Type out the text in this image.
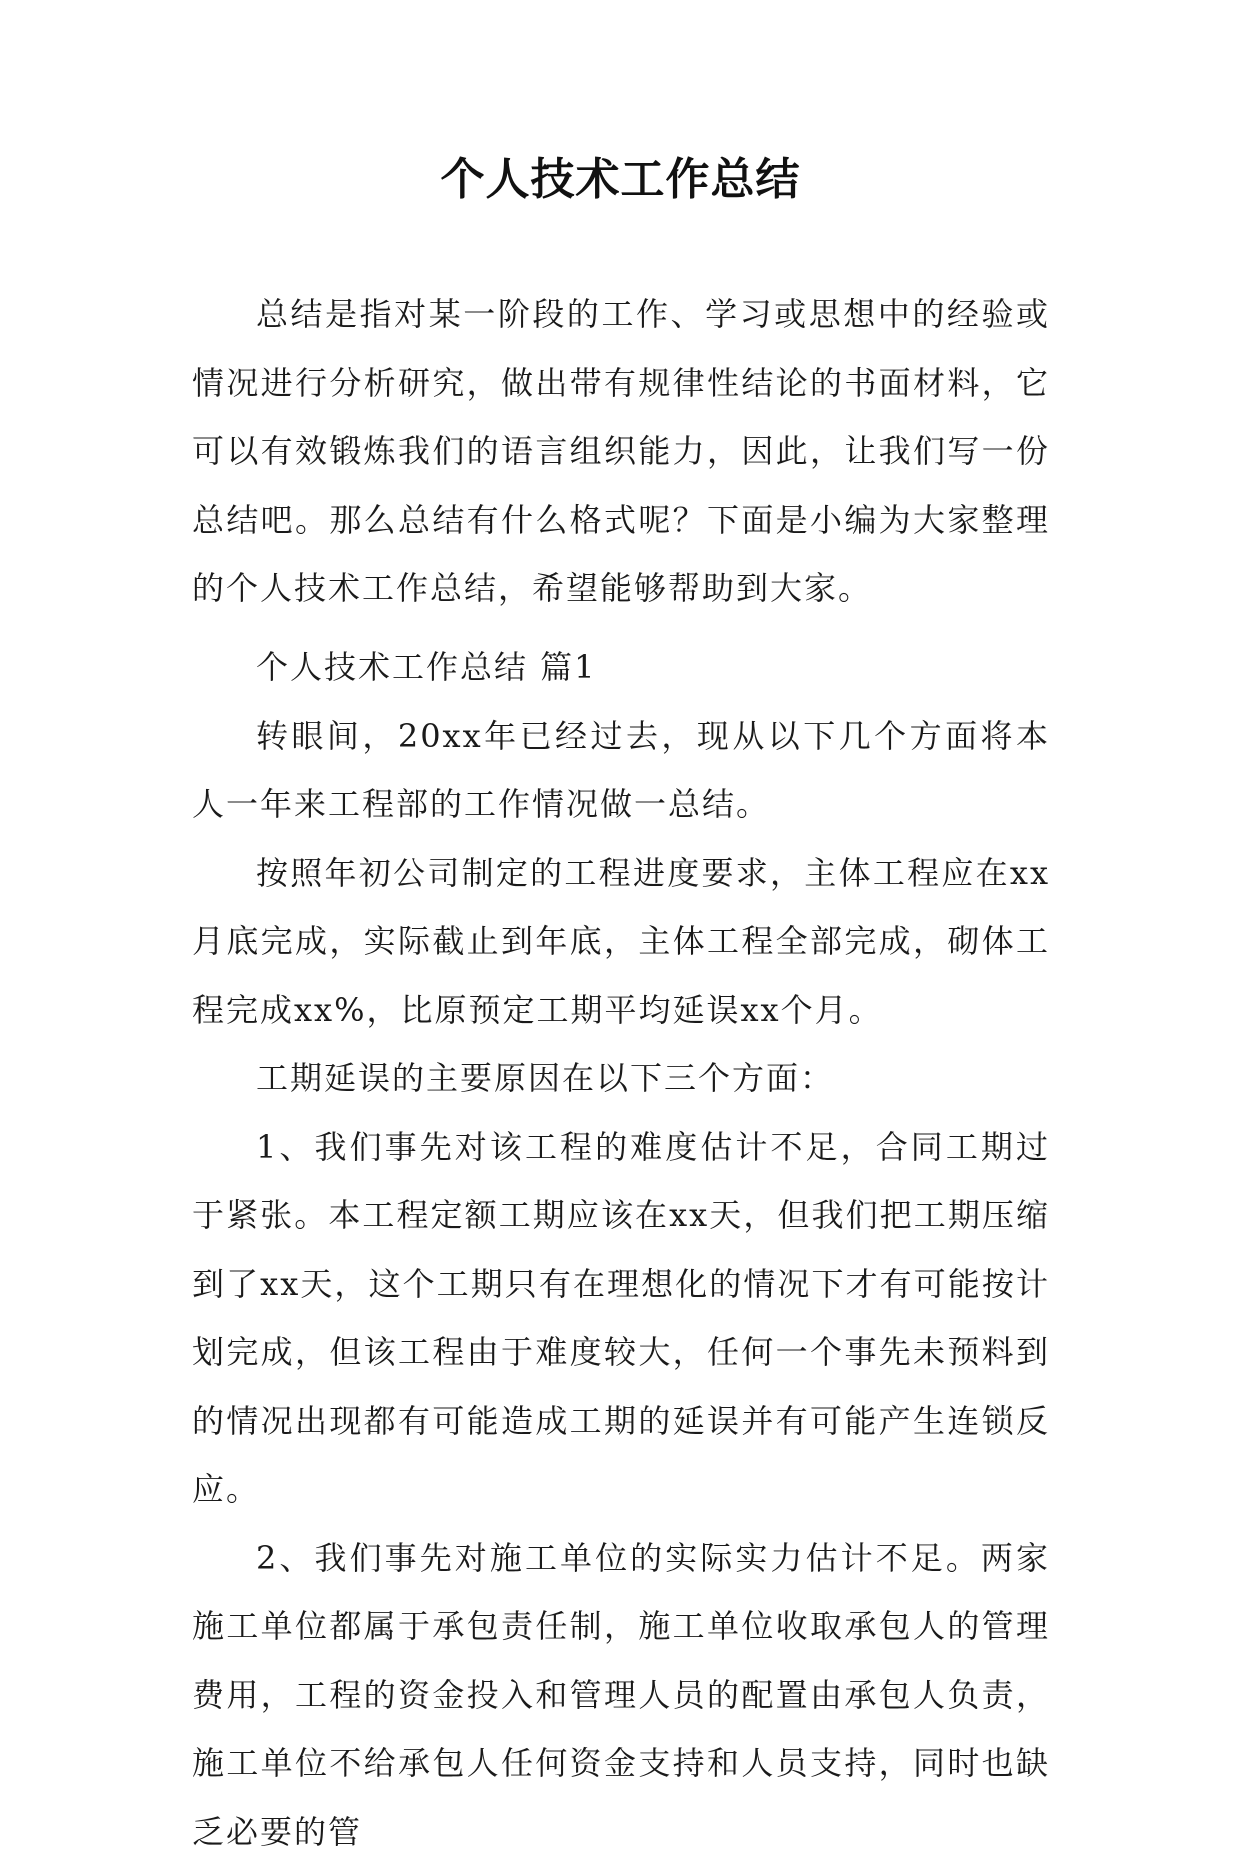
个人技术工作总结

总结是指对某一阶段的工作、学习或思想中的经验或情况进行分析研究，做出带有规律性结论的书面材料，它可以有效锻炼我们的语言组织能力，因此，让我们写一份总结吧。那么总结有什么格式呢？下面是小编为大家整理的个人技术工作总结，希望能够帮助到大家。

个人技术工作总结 篇1

转眼间，20xx年已经过去，现从以下几个方面将本人一年来工程部的工作情况做一总结。

按照年初公司制定的工程进度要求，主体工程应在xx月底完成，实际截止到年底，主体工程全部完成，砌体工程完成xx%，比原预定工期平均延误xx个月。

工期延误的主要原因在以下三个方面：

1、我们事先对该工程的难度估计不足，合同工期过于紧张。本工程定额工期应该在xx天，但我们把工期压缩到了xx天，这个工期只有在理想化的情况下才有可能按计划完成，但该工程由于难度较大，任何一个事先未预料到的情况出现都有可能造成工期的延误并有可能产生连锁反应。

2、我们事先对施工单位的实际实力估计不足。两家施工单位都属于承包责任制，施工单位收取承包人的管理费用，工程的资金投入和管理人员的配置由承包人负责，施工单位不给承包人任何资金支持和人员支持，同时也缺乏必要的管
